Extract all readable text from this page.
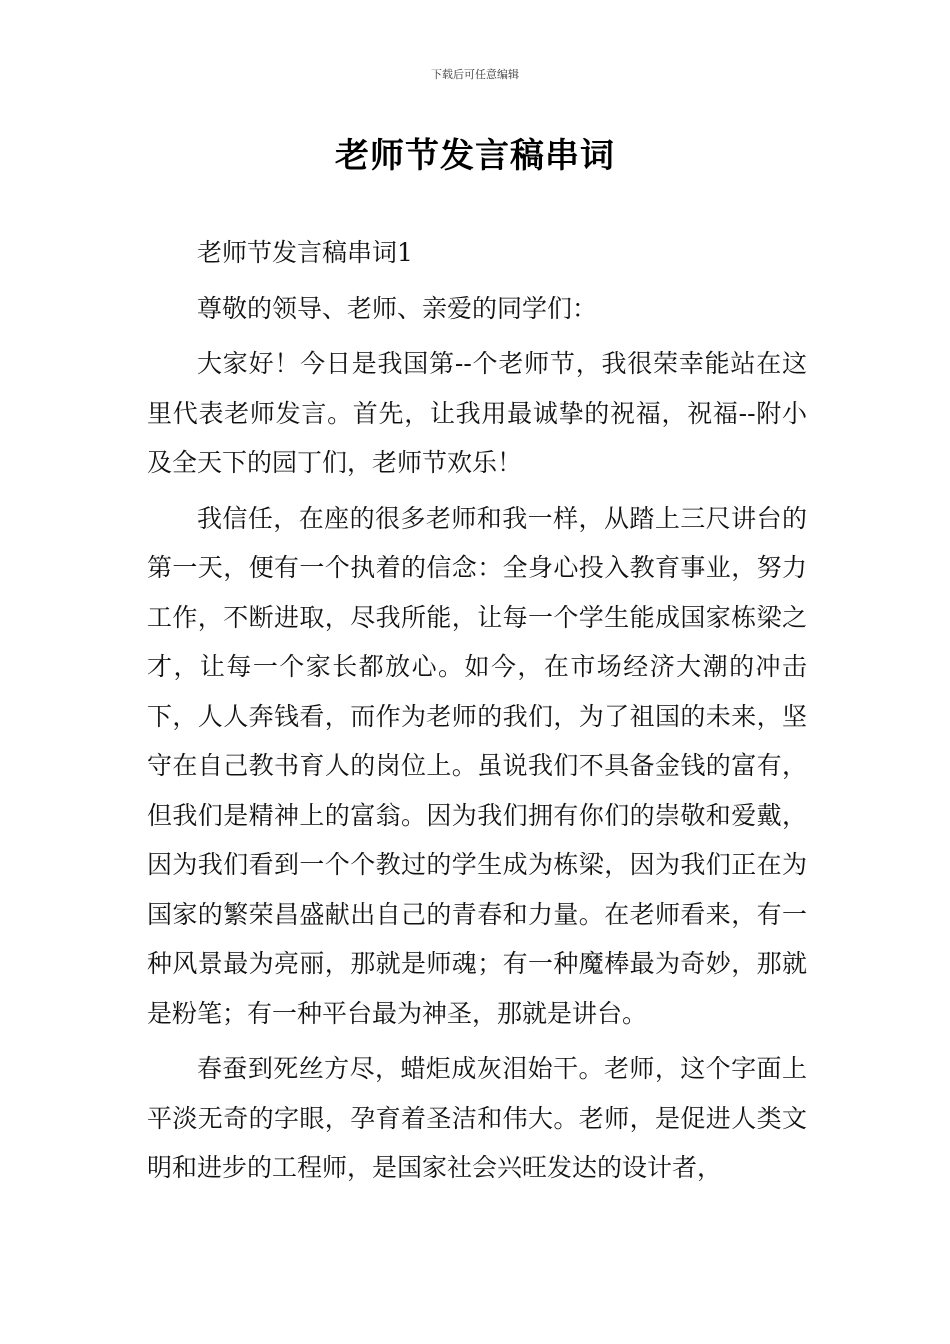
下载后可任意编辑
老师节发言稿串词

老师节发言稿串词1

尊敬的领导、老师、亲爱的同学们：

大家好！今日是我国第--个老师节，我很荣幸能站在这里代表老师发言。首先，让我用最诚挚的祝福，祝福--附小及全天下的园丁们，老师节欢乐！

我信任，在座的很多老师和我一样，从踏上三尺讲台的第一天，便有一个执着的信念：全身心投入教育事业，努力工作，不断进取，尽我所能，让每一个学生能成国家栋梁之才，让每一个家长都放心。如今，在市场经济大潮的冲击下，人人奔钱看，而作为老师的我们，为了祖国的未来，坚守在自己教书育人的岗位上。虽说我们不具备金钱的富有，但我们是精神上的富翁。因为我们拥有你们的崇敬和爱戴，因为我们看到一个个教过的学生成为栋梁，因为我们正在为国家的繁荣昌盛献出自己的青春和力量。在老师看来，有一种风景最为亮丽，那就是师魂；有一种魔棒最为奇妙，那就是粉笔；有一种平台最为神圣，那就是讲台。

春蚕到死丝方尽，蜡炬成灰泪始干。老师，这个字面上平淡无奇的字眼，孕育着圣洁和伟大。老师，是促进人类文明和进步的工程师，是国家社会兴旺发达的设计者，
